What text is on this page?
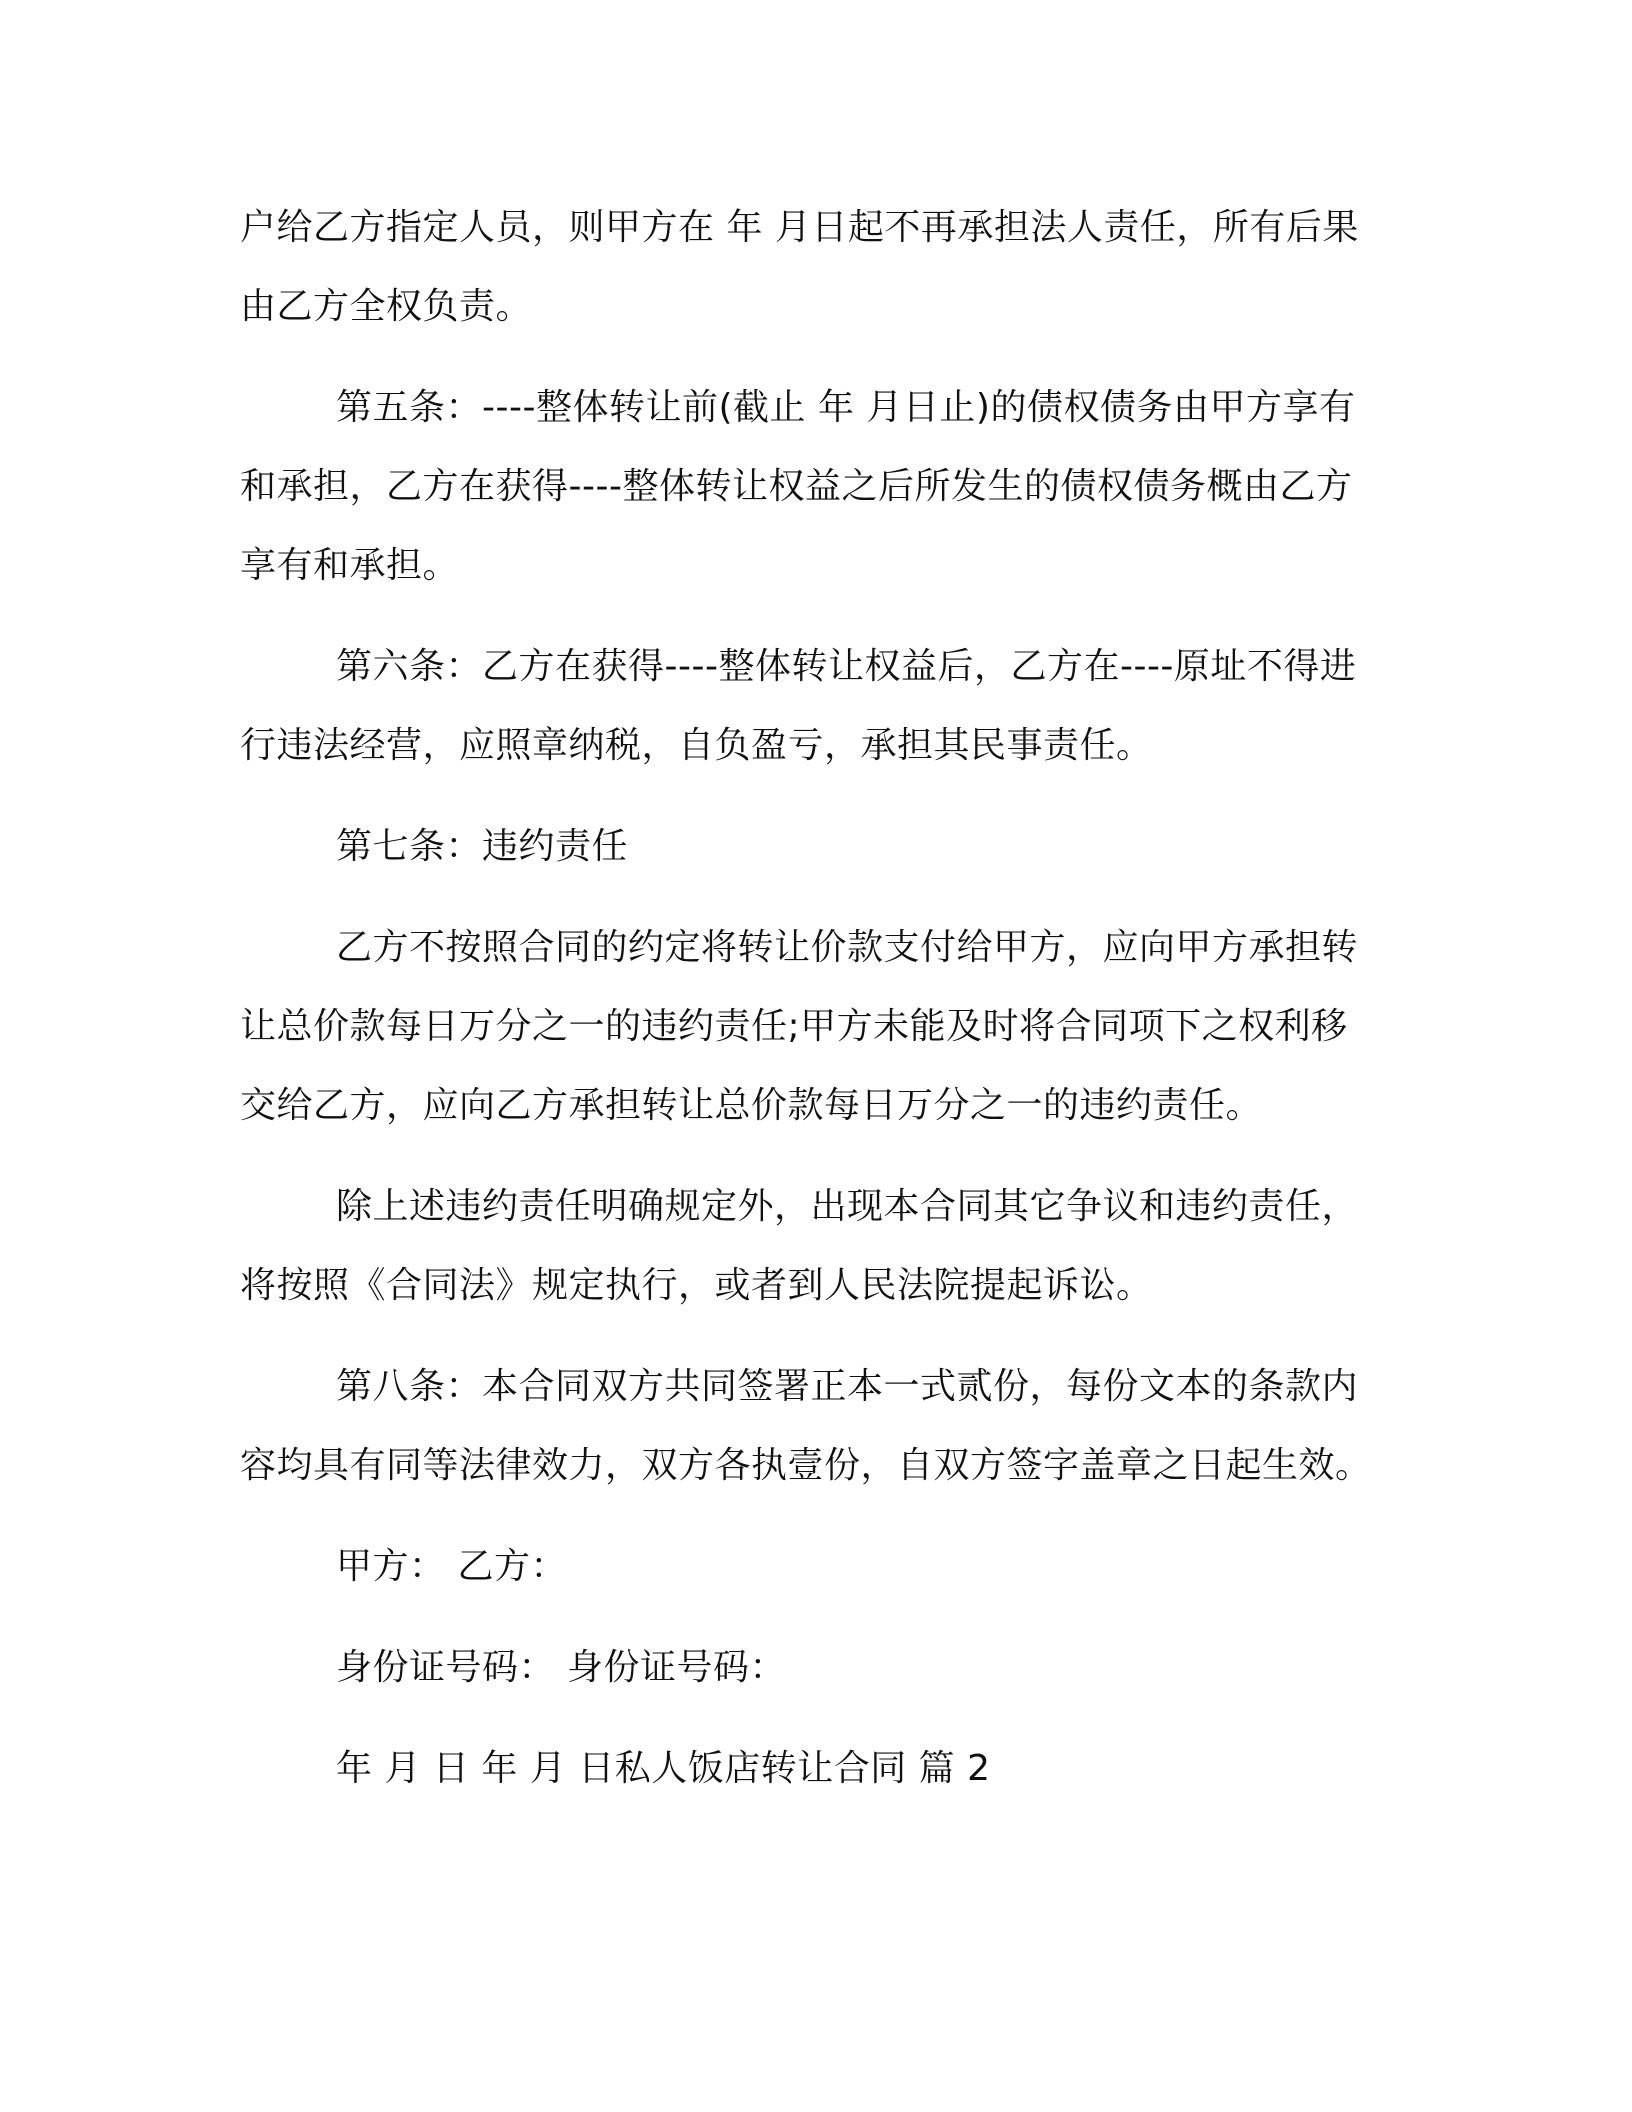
户给乙方指定人员，则甲方在 年 月日起不再承担法人责任，所有后果
由乙方全权负责。
第五条：----整体转让前(截止 年 月日止)的债权债务由甲方享有
和承担，乙方在获得----整体转让权益之后所发生的债权债务概由乙方
享有和承担。
第六条：乙方在获得----整体转让权益后，乙方在----原址不得进
行违法经营，应照章纳税，自负盈亏，承担其民事责任。
第七条：违约责任
乙方不按照合同的约定将转让价款支付给甲方，应向甲方承担转
让总价款每日万分之一的违约责任;甲方未能及时将合同项下之权利移
交给乙方，应向乙方承担转让总价款每日万分之一的违约责任。
除上述违约责任明确规定外，出现本合同其它争议和违约责任，
将按照《合同法》规定执行，或者到人民法院提起诉讼。
第八条：本合同双方共同签署正本一式贰份，每份文本的条款内
容均具有同等法律效力，双方各执壹份，自双方签字盖章之日起生效。
甲方： 乙方：
身份证号码： 身份证号码：
年 月 日 年 月 日私人饭店转让合同 篇 2
